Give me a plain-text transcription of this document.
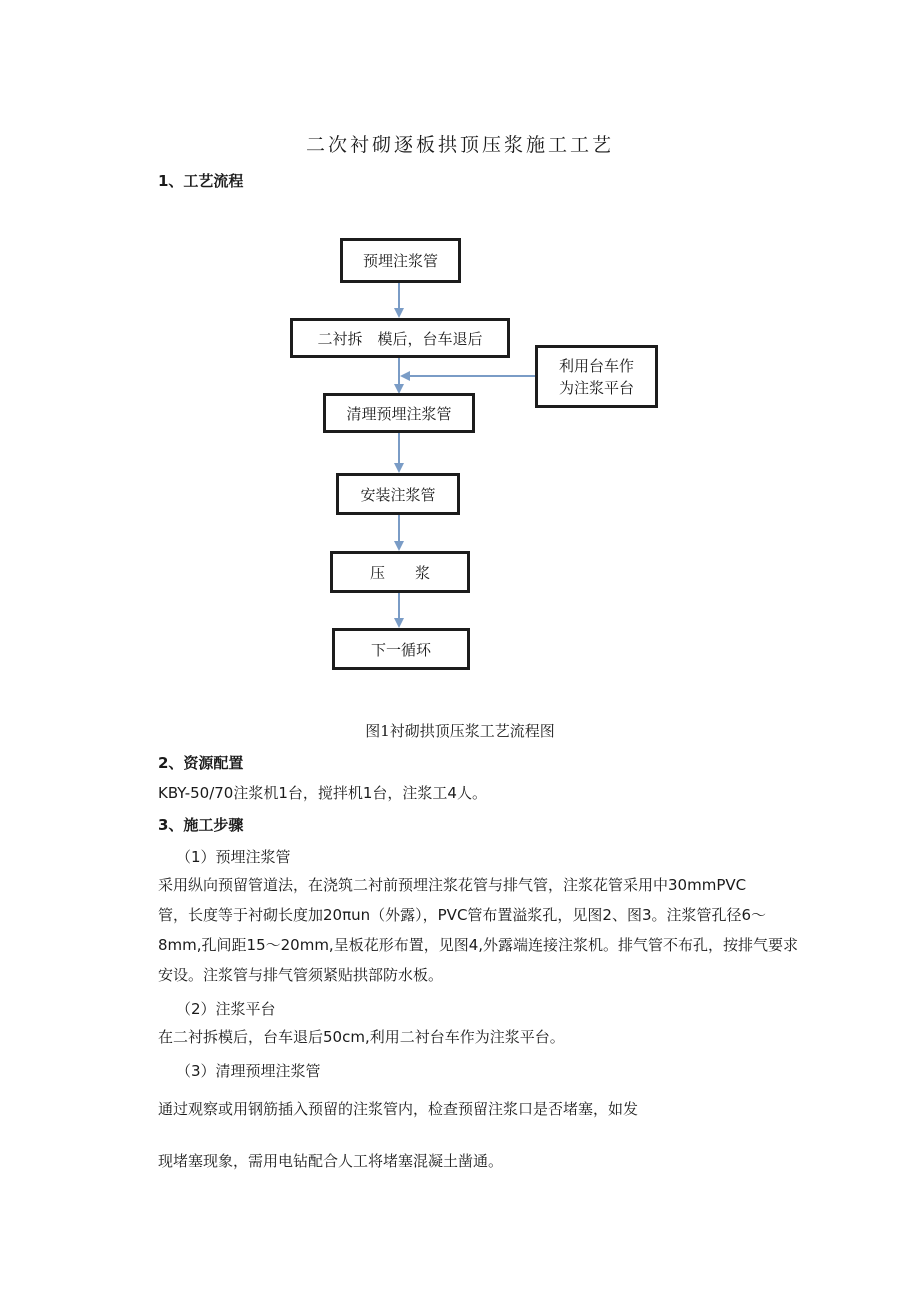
二次衬砌逐板拱顶压浆施工工艺
1、工艺流程
预埋注浆管
二衬拆　模后，台车退后
利用台车作
为注浆平台
清理预埋注浆管
安装注浆管
压　　浆
下一循环
图1衬砌拱顶压浆工艺流程图
2、资源配置
KBY-50/70注浆机1台，搅拌机1台，注浆工4人。
3、施工步骤
（1）预埋注浆管
采用纵向预留管道法，在浇筑二衬前预埋注浆花管与排气管，注浆花管采用中30mmPVC
管，长度等于衬砌长度加20πun（外露），PVC管布置溢浆孔，见图2、图3。注浆管孔径6～
8mm,孔间距15～20mm,呈板花形布置，见图4,外露端连接注浆机。排气管不布孔，按排气要求
安设。注浆管与排气管须紧贴拱部防水板。
（2）注浆平台
在二衬拆模后，台车退后50cm,利用二衬台车作为注浆平台。
（3）清理预埋注浆管
通过观察或用钢筋插入预留的注浆管内，检查预留注浆口是否堵塞，如发
现堵塞现象，需用电钻配合人工将堵塞混凝土凿通。
